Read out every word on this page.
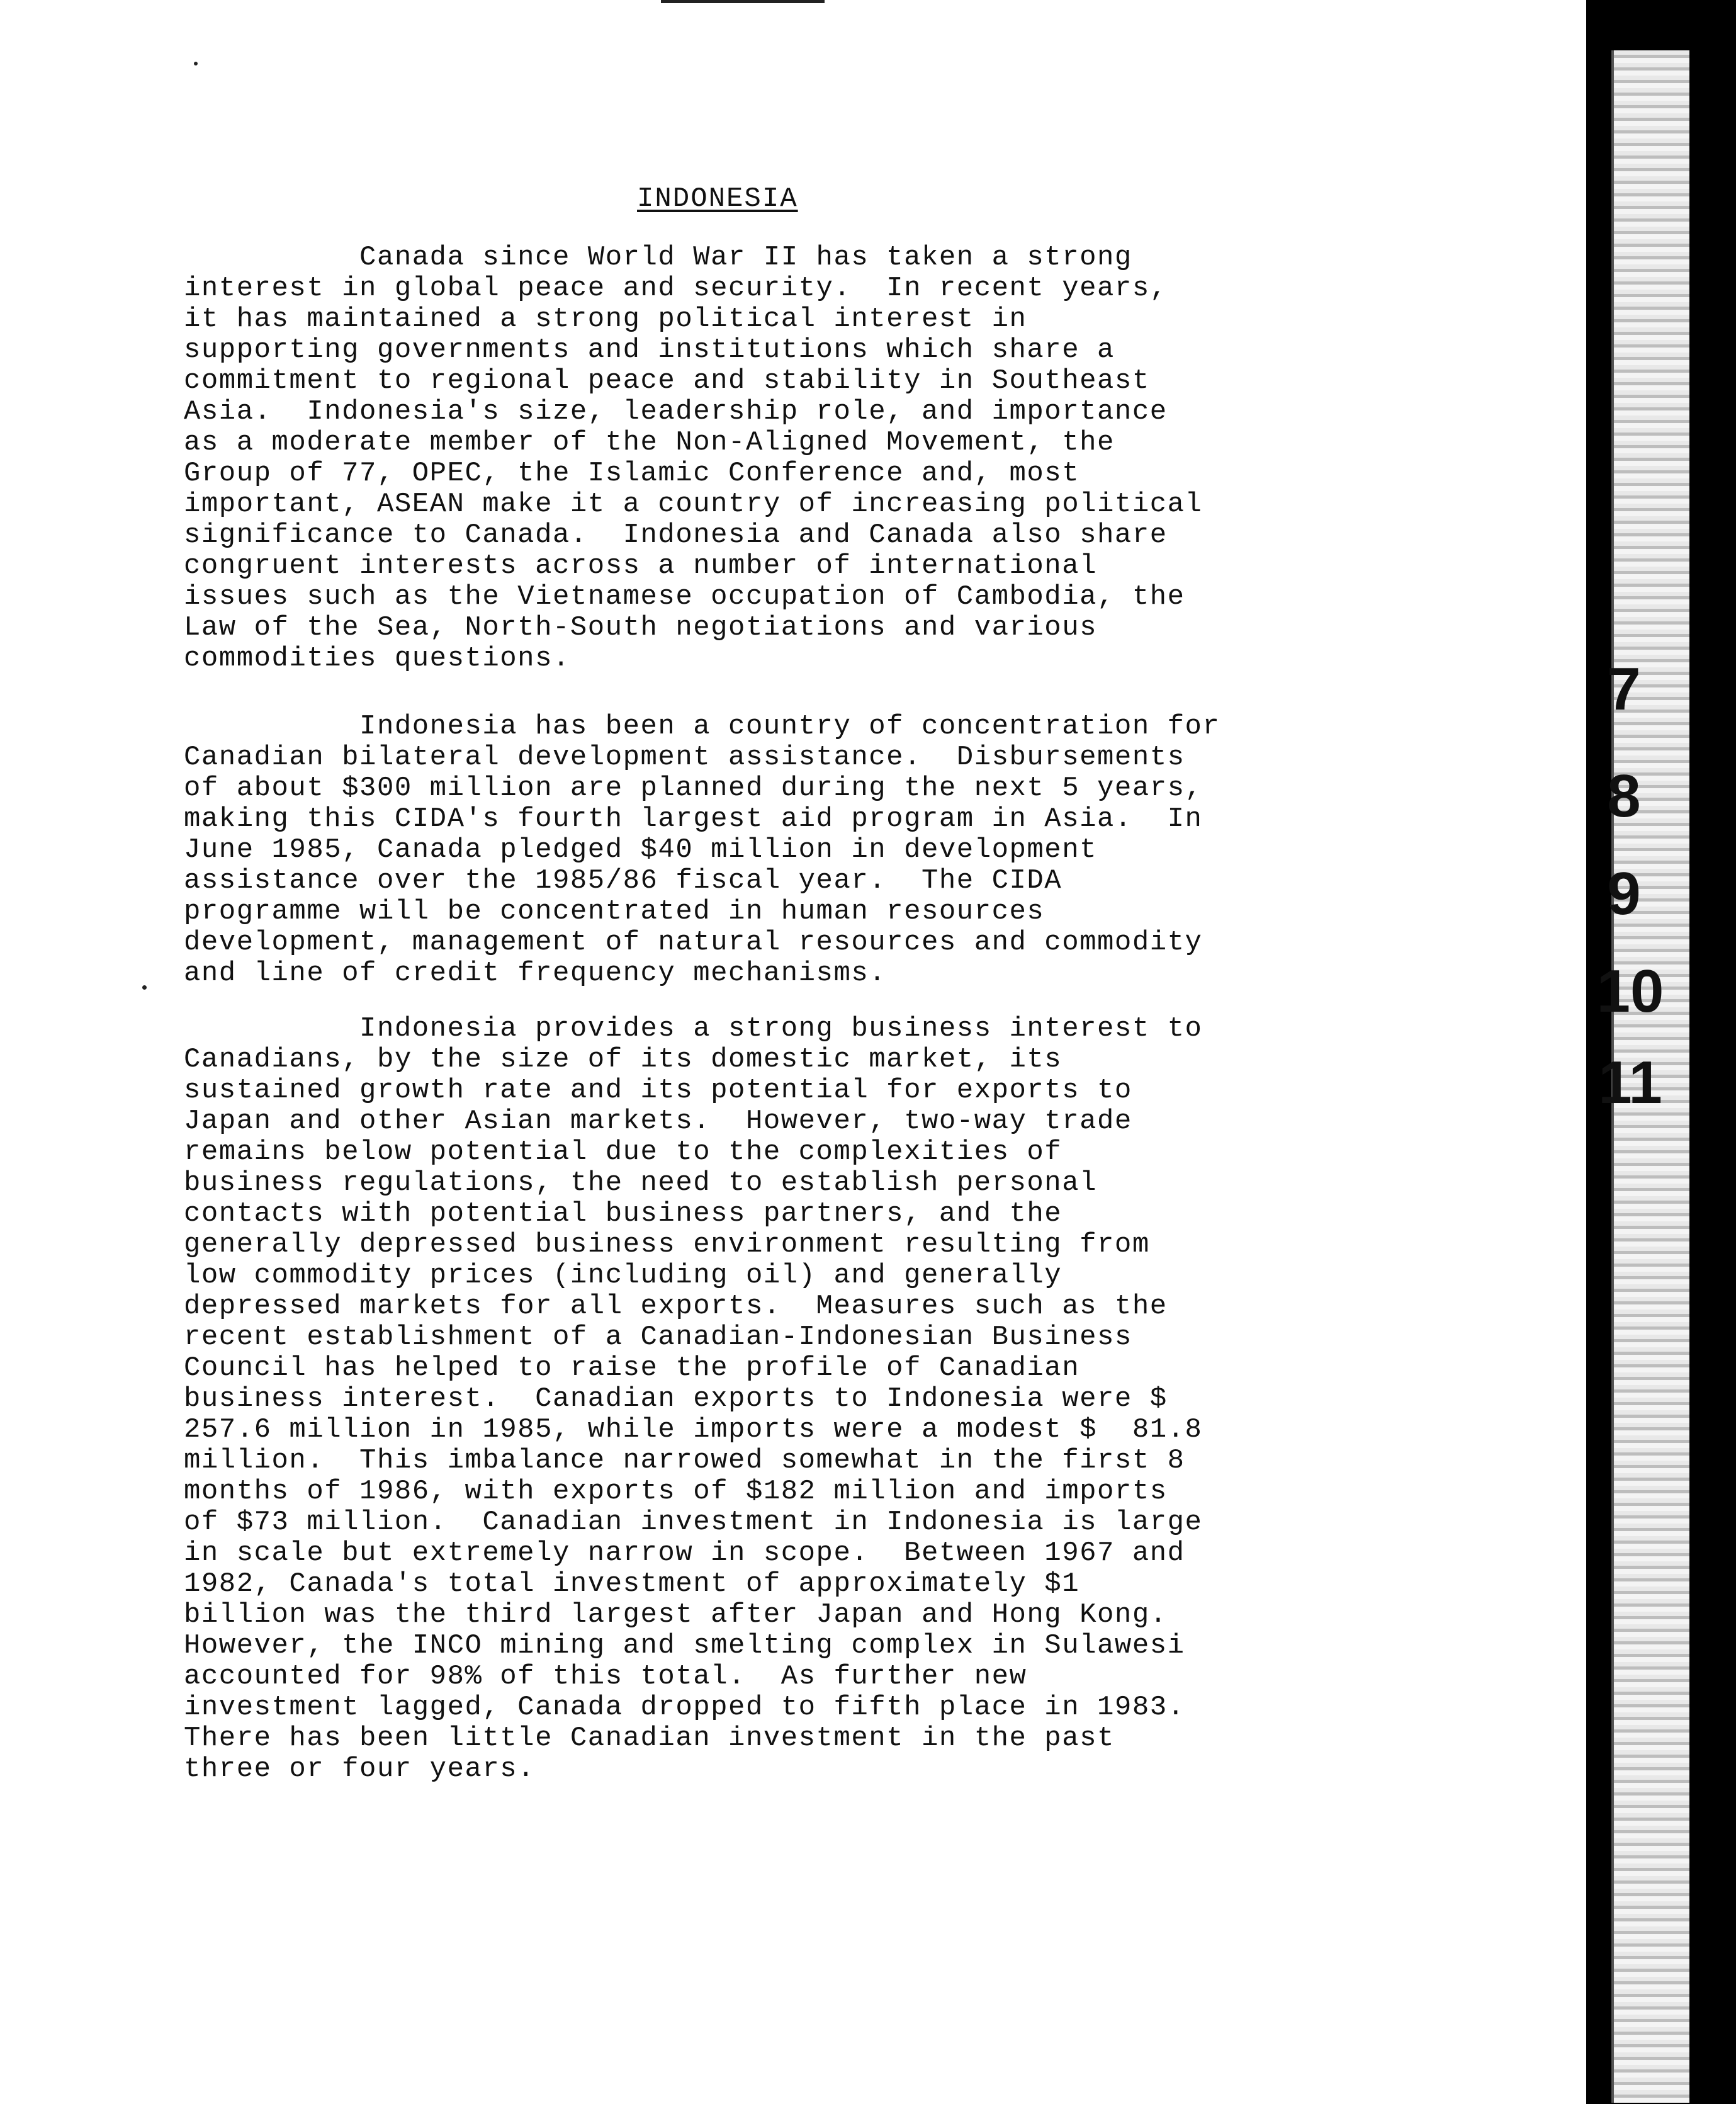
INDONESIA

Canada since World War II has taken a strong
interest in global peace and security.  In recent years,
it has maintained a strong political interest in
supporting governments and institutions which share a
commitment to regional peace and stability in Southeast
Asia.  Indonesia's size, leadership role, and importance
as a moderate member of the Non-Aligned Movement, the
Group of 77, OPEC, the Islamic Conference and, most
important, ASEAN make it a country of increasing political
significance to Canada.  Indonesia and Canada also share
congruent interests across a number of international
issues such as the Vietnamese occupation of Cambodia, the
Law of the Sea, North-South negotiations and various
commodities questions.

Indonesia has been a country of concentration for
Canadian bilateral development assistance.  Disbursements
of about $300 million are planned during the next 5 years,
making this CIDA's fourth largest aid program in Asia.  In
June 1985, Canada pledged $40 million in development
assistance over the 1985/86 fiscal year.  The CIDA
programme will be concentrated in human resources
development, management of natural resources and commodity
and line of credit frequency mechanisms.

Indonesia provides a strong business interest to
Canadians, by the size of its domestic market, its
sustained growth rate and its potential for exports to
Japan and other Asian markets.  However, two-way trade
remains below potential due to the complexities of
business regulations, the need to establish personal
contacts with potential business partners, and the
generally depressed business environment resulting from
low commodity prices (including oil) and generally
depressed markets for all exports.  Measures such as the
recent establishment of a Canadian-Indonesian Business
Council has helped to raise the profile of Canadian
business interest.  Canadian exports to Indonesia were $
257.6 million in 1985, while imports were a modest $  81.8
million.  This imbalance narrowed somewhat in the first 8
months of 1986, with exports of $182 million and imports
of $73 million.  Canadian investment in Indonesia is large
in scale but extremely narrow in scope.  Between 1967 and
1982, Canada's total investment of approximately $1
billion was the third largest after Japan and Hong Kong.
However, the INCO mining and smelting complex in Sulawesi
accounted for 98% of this total.  As further new
investment lagged, Canada dropped to fifth place in 1983.
There has been little Canadian investment in the past
three or four years.

7
8
9
10
11
